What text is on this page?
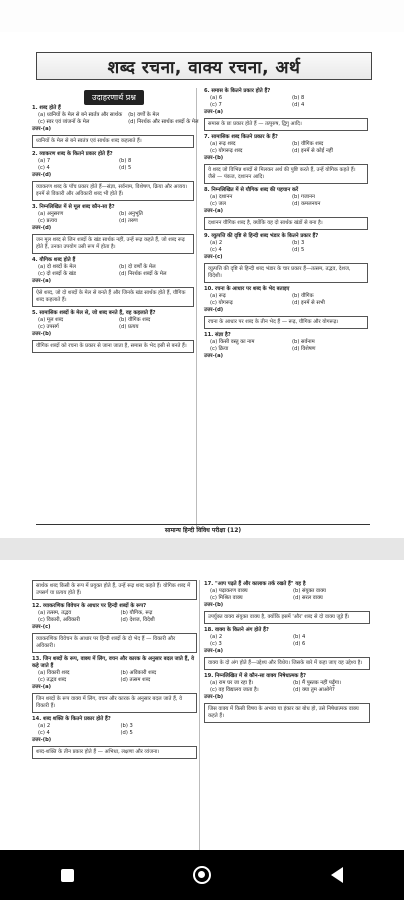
शब्द रचना, वाक्य रचना, अर्थ
उदाहरणार्थ प्रश्न
1. शब्द होते हैं
(a) ध्वनियों के मेल से बने स्वर्तत्र और सार्थक (b) वर्णों के मेल
(c) स्वर एवं व्यंजनों के मेल	(d) निरर्थक और सार्थक शब्दों के मेल
उत्तर-(a)
ध्वनियों के मेल से बने स्वतंत्र एवं सार्थक शब्द कहलाते हैं।
2. व्याकरण शब्द के कितने प्रकार होते हैं?
(a) 7	(b) 8
(c) 4	(d) 5
उत्तर-(d)
व्याकरण शब्द के पाँच प्रकार होते हैं—संज्ञा, सर्वनाम, विशेषण, क्रिया और अव्यय। इनमें से विकारी और अविकारी शब्द भी होते हैं।
3. निम्नलिखित में से मूल शब्द कौन-सा है?
(a) अनुसरण	(b) अनुभूति
(c) प्रत्यय	(d) तरुण
उत्तर-(d)
जन मूल शब्द से जिन शब्दों के खंड सार्थक नहीं, उन्हें रूढ़ कहते हैं, जो शब्द रूढ़ होते हैं, उनका उपयोग उसी रूप में होता है।
4. यौगिक शब्द होते हैं
(a) दो शब्दों के मेल	(b) दो वर्णों के मेल
(c) दो शब्दों के खंड	(d) निरर्थक शब्दों के मेल
उत्तर-(a)
ऐसे शब्द, जो दो शब्दों के मेल से बनते हैं और जिनके खंड सार्थक होते हैं, यौगिक शब्द कहलाते हैं।
5. सामासिक शब्दों के मेल से, जो शब्द बनते हैं, वह कहलाते हैं?
(a) मूल शब्द	(b) यौगिक शब्द
(c) उपसर्ग	(d) प्रत्यय
उत्तर-(b)
यौगिक शब्दों को रचना के प्रकार से जाना जाता है, समास के भेद इसी से बनते हैं।
6. समास के कितने प्रकार होते हैं?
(a) 6	(b) 8
(c) 7	(d) 4
उत्तर-(a)
समास के छः प्रकार होते हैं — तत्पुरुष, द्विगु आदि।
7. सामासिक शब्द कितने प्रकार के हैं?
(a) रूढ़ शब्द	(b) यौगिक शब्द
(c) योगरूढ़ शब्द	(d) इनमें से कोई नहीं
उत्तर-(b)
ये शब्द जो विभिन्न शब्दों से मिलकर अर्थ की पुष्टि करते हैं, उन्हें योगिक कहते हैं। जैसे — पंकज, दशानन आदि।
8. निम्नलिखित में से यौगिक शब्द की पहचान करें
(a) दशानन	(b) गजानन
(c) जल	(d) कमलनयन
उत्तर-(a)
दशानन यौगिक शब्द है, क्योंकि यह दो सार्थक खंडों से बना है।
9. व्युत्पत्ति की दृष्टि से हिन्दी शब्द भंडार के कितने प्रकार हैं?
(a) 2	(b) 3
(c) 4	(d) 5
उत्तर-(c)
व्युत्पत्ति की दृष्टि से हिन्दी शब्द भंडार के चार प्रकार हैं—तत्सम, तद्भव, देशज, विदेशी।
10. रचना के आधार पर शब्द के भेद बताइए
(a) रूढ़	(b) यौगिक
(c) योगरूढ़	(d) इनमें से सभी
उत्तर-(d)
रचना के आधार पर शब्द के तीन भेद हैं — रूढ़, यौगिक और योगरूढ़।
11. संज्ञा है?
(a) किसी वस्तु का नाम	(b) सर्वनाम
(c) क्रिया	(d) विशेषण
उत्तर-(a)
सामान्य हिन्दी विविध परीक्षा (12)
सार्थक शब्द किसी के रूप में प्रयुक्त होते हैं, उन्हें रूढ़ शब्द कहते हैं। योगिक शब्द में उपसर्ग या प्रत्यय होते हैं।
12. व्याकरणिक विवेचन के आधार पर हिन्दी शब्दों के रूप?
(a) तत्सम, तद्भव	(b) यौगिक, रूढ़
(c) विकारी, अविकारी	(d) देशज, विदेशी
उत्तर-(c)
व्याकरणिक विवेचन के आधार पर हिन्दी शब्दों के दो भेद हैं — विकारी और अविकारी।
13. जिन शब्दों के रूप, वाक्य में लिंग, वचन और कारक के अनुसार बदल जाते हैं, वे कहे जाते हैं
(a) विकारी शब्द	(b) अविकारी शब्द
(c) तद्भव शब्द	(d) तत्सम शब्द
उत्तर-(a)
जिन शब्दों के रूप वाक्य में लिंग, वचन और कारक के अनुसार बदल जाते हैं, वे विकारी हैं।
14. शब्द शक्ति के कितने प्रकार होते हैं?
(a) 2	(b) 3
(c) 4	(d) 5
उत्तर-(b)
शब्द-शक्ति के तीन प्रकार होते हैं — अभिधा, लक्षणा और व्यंजना।
17. "आप पढ़ते हैं और कालाक तर्क रखते हैं" यह है
(a) पढ़ाकरण वाक्य	(b) संयुक्त वाक्य
(c) मिश्रित वाक्य	(d) सरल वाक्य
उत्तर-(b)
उपर्युक्त वाक्य संयुक्त वाक्य है, क्योंकि इसमें 'और' शब्द से दो वाक्य जुड़े हैं।
18. वाक्य के कितने अंग होते हैं?
(a) 2	(b) 4
(c) 3	(d) 6
उत्तर-(a)
वाक्य के दो अंग होते हैं—उद्देश्य और विधेय। जिसके बारे में कहा जाए वह उद्देश्य है।
19. निम्नलिखित में से कौन-सा वाक्य निषेधात्मक है?
(a) राम घर जा रहा है।	(b) मैं पुस्तक नहीं पढ़ूँगा।
(c) वह विद्यालय जाता है।	(d) क्या तुम आओगे?
उत्तर-(b)
जिस वाक्य में किसी विषय के अभाव या इंकार का बोध हो, उसे निषेधात्मक वाक्य कहते हैं।
